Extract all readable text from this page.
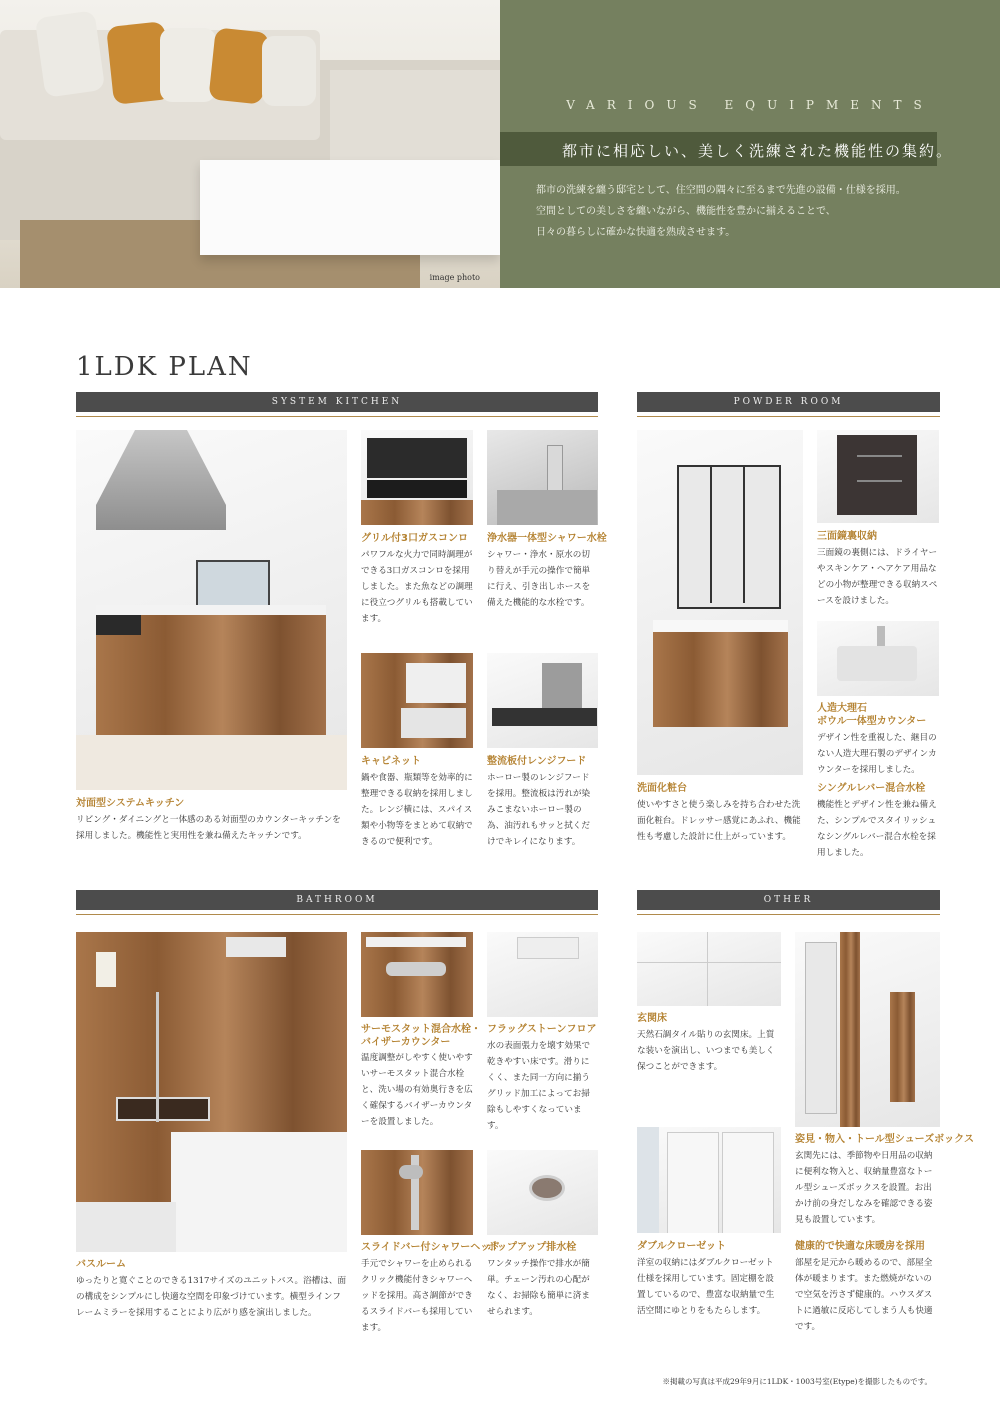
image photo
VARIOUS EQUIPMENTS
都市に相応しい、美しく洗練された機能性の集約。
都市の洗練を纏う邸宅として、住空間の隅々に至るまで先進の設備・仕様を採用。
空間としての美しさを纏いながら、機能性を豊かに揃えることで、
日々の暮らしに確かな快適を熟成させます。
1LDK PLAN
SYSTEM KITCHEN	POWDER ROOM
BATHROOM	OTHER
対面型システムキッチン
リビング・ダイニングと一体感のある対面型のカウンターキッチンを採用しました。機能性と実用性を兼ね備えたキッチンです。
グリル付3口ガスコンロ
パワフルな火力で同時調理ができる3口ガスコンロを採用しました。また魚などの調理に役立つグリルも搭載しています。
浄水器一体型シャワー水栓
シャワー・浄水・原水の切り替えが手元の操作で簡単に行え、引き出しホースを備えた機能的な水栓です。
キャビネット
鍋や食器、瓶類等を効率的に整理できる収納を採用しました。レンジ横には、スパイス類や小物等をまとめて収納できるので便利です。
整流板付レンジフード
ホーロー製のレンジフードを採用。整流板は汚れが染みこまないホーロー製の為、油汚れもサッと拭くだけでキレイになります。
洗面化粧台
使いやすさと使う楽しみを持ち合わせた洗面化粧台。ドレッサー感覚にあふれ、機能性も考慮した設計に仕上がっています。
三面鏡裏収納
三面鏡の裏側には、ドライヤーやスキンケア・ヘアケア用品などの小物が整理できる収納スペースを設けました。
人造大理石
ボウル一体型カウンター
デザイン性を重視した、継目のない人造大理石製のデザインカウンターを採用しました。
シングルレバー混合水栓
機能性とデザイン性を兼ね備えた、シンプルでスタイリッシュなシングルレバー混合水栓を採用しました。
バスルーム
ゆったりと寛ぐことのできる1317サイズのユニットバス。浴槽は、面の構成をシンプルにし快適な空間を印象づけています。横型ラインフレームミラーを採用することにより広がり感を演出しました。
サーモスタット混合水栓・
バイザーカウンター
温度調整がしやすく使いやすいサーモスタット混合水栓と、洗い場の有効奥行きを広く確保するバイザーカウンターを設置しました。
フラッグストーンフロア
水の表面張力を壊す効果で乾きやすい床です。滑りにくく、また同一方向に揃うグリッド加工によってお掃除もしやすくなっています。
スライドバー付シャワーヘッド
手元でシャワーを止められるクリック機能付きシャワーヘッドを採用。高さ調節ができるスライドバーも採用しています。
ポップアップ排水栓
ワンタッチ操作で排水が簡単。チェーン汚れの心配がなく、お掃除も簡単に済ませられます。
玄関床
天然石調タイル貼りの玄関床。上質な装いを演出し、いつまでも美しく保つことができます。
姿見・物入・トール型シューズボックス
玄関先には、季節物や日用品の収納に便利な物入と、収納量豊富なトール型シューズボックスを設置。お出かけ前の身だしなみを確認できる姿見も設置しています。
ダブルクローゼット
洋室の収納にはダブルクローゼット仕様を採用しています。固定棚を設置しているので、豊富な収納量で生活空間にゆとりをもたらします。
健康的で快適な床暖房を採用
部屋を足元から暖めるので、部屋全体が暖まります。また燃焼がないので空気を汚さず健康的。ハウスダストに過敏に反応してしまう人も快適です。
※掲載の写真は平成29年9月に1LDK・1003号室(Etype)を撮影したものです。
